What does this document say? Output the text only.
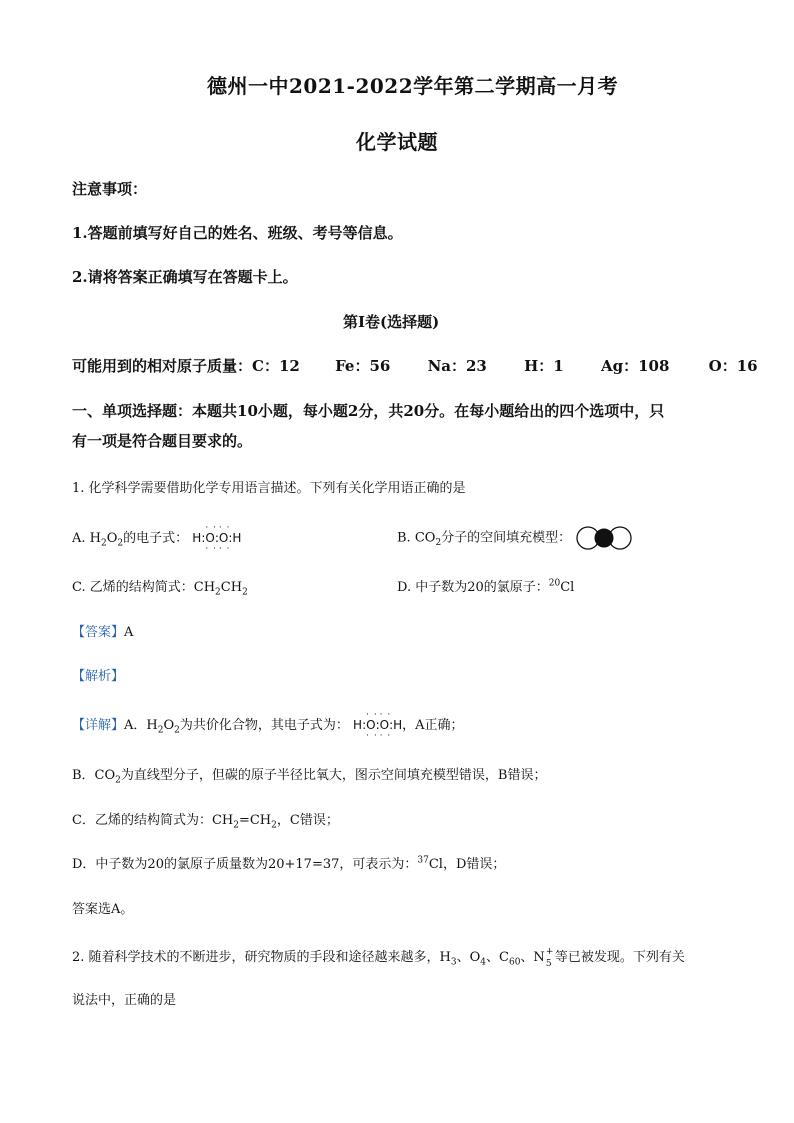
德州一中2021-2022学年第二学期高一月考
化学试题
注意事项：
1.答题前填写好自己的姓名、班级、考号等信息。
2.请将答案正确填写在答题卡上。
第I卷(选择题)
可能用到的相对原子质量：C：12 Fe：56 Na：23 H：1 Ag：108	O：16
一、单项选择题：本题共10小题，每小题2分，共20分。在每小题给出的四个选项中，只
有一项是符合题目要求的。
1. 化学科学需要借助化学专用语言描述。下列有关化学用语正确的是
A. $H_2O_2$的电子式： H:O
· ·
· ·
:O
· ·
· ·
:H	B. $CO_2$分子的空间填充模型：
C. 乙烯的结构简式：$CH_2CH_2$	D. 中子数为20的氯原子：$^{20}$Cl
【答案】A
【解析】
【详解】A．$H_2O_2$为共价化合物，其电子式为： H:O
· ·
· ·
:O
· ·
· ·
:H，A正确；
B．$CO_2$为直线型分子，但碳的原子半径比氧大，图示空间填充模型错误，B错误；
C．乙烯的结构简式为：$CH_2=CH_2$，C错误；
D．中子数为20的氯原子质量数为20+17=37，可表示为：$^{37}$Cl，D错误；
答案选A。
2. 随着科学技术的不断进步，研究物质的手段和途径越来越多，$H_3$、$O_4$、$C_{60}$、N +
5 等已被发现。下列有关
说法中，正确的是
